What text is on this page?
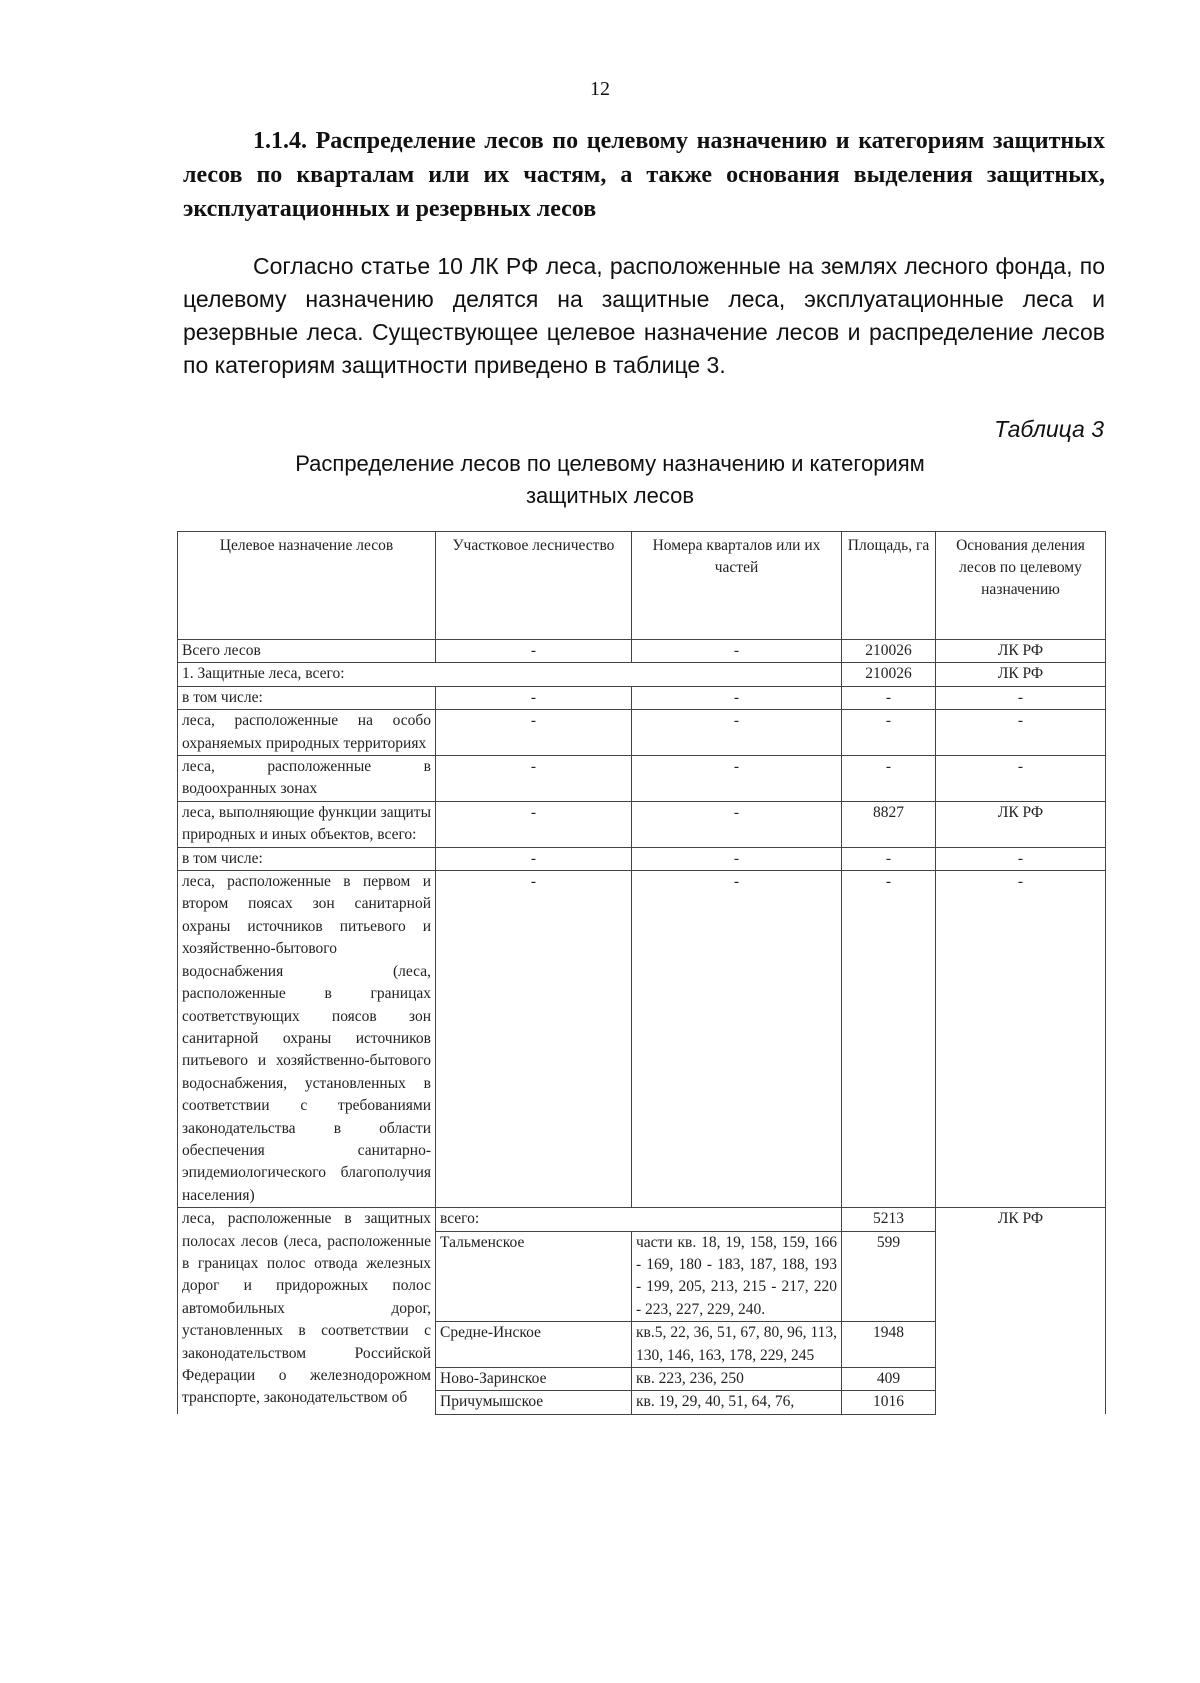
12
1.1.4. Распределение лесов по целевому назначению и категориям защитных лесов по кварталам или их частям, а также основания выделения защитных, эксплуатационных и резервных лесов
Согласно статье 10 ЛК РФ леса, расположенные на землях лесного фонда, по целевому назначению делятся на защитные леса, эксплуатационные леса и резервные леса. Существующее целевое назначение лесов и распределение лесов по категориям защитности приведено в таблице 3.
Таблица 3
Распределение лесов по целевому назначению и категориям защитных лесов
Целевое назначение лесов	Участковое лесничество	Номера кварталов или их частей	Площадь, га	Основания деления лесов по целевому назначению
Всего лесов	-	-	210026	ЛК РФ
1. Защитные леса, всего:			210026	ЛК РФ
в том числе:	-	-	-	-
леса, расположенные на особо охраняемых природных территориях	-	-	-	-
леса, расположенные в водоохранных зонах	-	-	-	-
леса, выполняющие функции защиты природных и иных объектов, всего:	-	-	8827	ЛК РФ
в том числе:	-	-	-	-
леса, расположенные в первом и втором поясах зон санитарной охраны источников питьевого и хозяйственно-бытового водоснабжения (леса, расположенные в границах соответствующих поясов зон санитарной охраны источников питьевого и хозяйственно-бытового водоснабжения, установленных в соответствии с требованиями законодательства в области обеспечения санитарно-эпидемиологического благополучия населения)	-	-	-	-
леса, расположенные в защитных полосах лесов (леса, расположенные в границах полос отвода железных дорог и придорожных полос автомобильных дорог, установленных в соответствии с законодательством Российской Федерации о железнодорожном транспорте, законодательством об	всего:		5213	ЛК РФ
	Тальменское	части кв. 18, 19, 158, 159, 166 - 169, 180 - 183, 187, 188, 193 - 199, 205, 213, 215 - 217, 220 - 223, 227, 229, 240.	599	
	Средне-Инское	кв.5, 22, 36, 51, 67, 80, 96, 113, 130, 146, 163, 178, 229, 245	1948	
	Ново-Заринское	кв. 223, 236, 250	409	
	Причумышское	кв. 19, 29, 40, 51, 64, 76,	1016	
